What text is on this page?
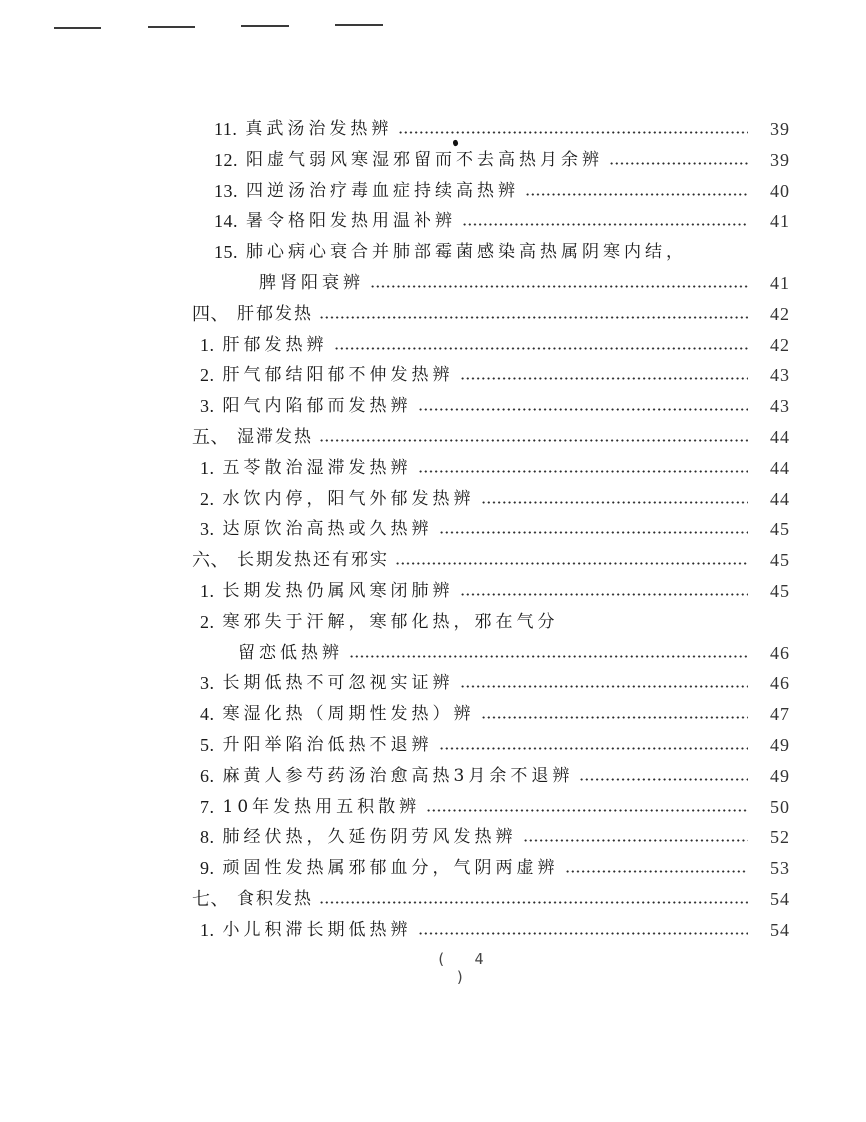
11. 真武汤治发热辨	39
12. 阳虚气弱风寒湿邪留而不去高热月余辨	39
13. 四逆汤治疗毒血症持续高热辨	40
14. 暑令格阳发热用温补辨	41
15. 肺心病心衰合并肺部霉菌感染高热属阴寒内结，
脾肾阳衰辨	41
四、 肝郁发热	42
1. 肝郁发热辨	42
2. 肝气郁结阳郁不伸发热辨	43
3. 阳气内陷郁而发热辨	43
五、 湿滞发热	44
1. 五苓散治湿滞发热辨	44
2. 水饮内停，阳气外郁发热辨	44
3. 达原饮治高热或久热辨	45
六、 长期发热还有邪实	45
1. 长期发热仍属风寒闭肺辨	45
2. 寒邪失于汗解，寒郁化热，邪在气分
留恋低热辨	46
3. 长期低热不可忽视实证辨	46
4. 寒湿化热（周期性发热）辨	47
5. 升阳举陷治低热不退辨	49
6. 麻黄人参芍药汤治愈高热3月余不退辨	49
7. 10年发热用五积散辨	50
8. 肺经伏热，久延伤阴劳风发热辨	52
9. 顽固性发热属邪郁血分，气阴两虚辨	53
七、 食积发热	54
1. 小儿积滞长期低热辨	54
( 4 )
